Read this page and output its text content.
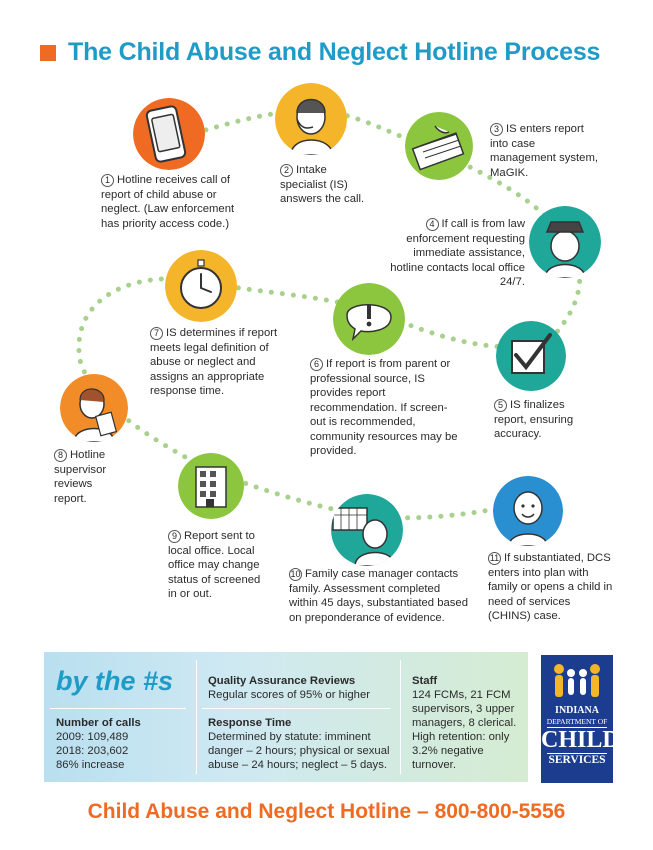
The Child Abuse and Neglect Hotline Process
1 Hotline receives call of report of child abuse or neglect. (Law enforcement has priority access code.)
2 Intake specialist (IS) answers the call.
3 IS enters report into case management system, MaGIK.
4 If call is from law enforcement requesting immediate assistance, hotline contacts local office 24/7.
5 IS finalizes report, ensuring accuracy.
6 If report is from parent or professional source, IS provides report recommendation. If screen-out is recommended, community resources may be provided.
7 IS determines if report meets legal definition of abuse or neglect and assigns an appropriate response time.
8 Hotline supervisor reviews report.
9 Report sent to local office. Local office may change status of screened in or out.
10 Family case manager contacts family. Assessment completed within 45 days, substantiated based on preponderance of evidence.
11 If substantiated, DCS enters into plan with family or opens a child in need of services (CHINS) case.
by the #s
Number of calls
2009: 109,489
2018: 203,602
86% increase
Quality Assurance Reviews
Regular scores of 95% or higher
Response Time
Determined by statute: imminent danger – 2 hours; physical or sexual abuse – 24 hours; neglect – 5 days.
Staff
124 FCMs, 21 FCM supervisors, 3 upper managers, 8 clerical. High retention: only 3.2% negative turnover.
INDIANA
DEPARTMENT OF
CHILD
SERVICES
Child Abuse and Neglect Hotline – 800-800-5556
